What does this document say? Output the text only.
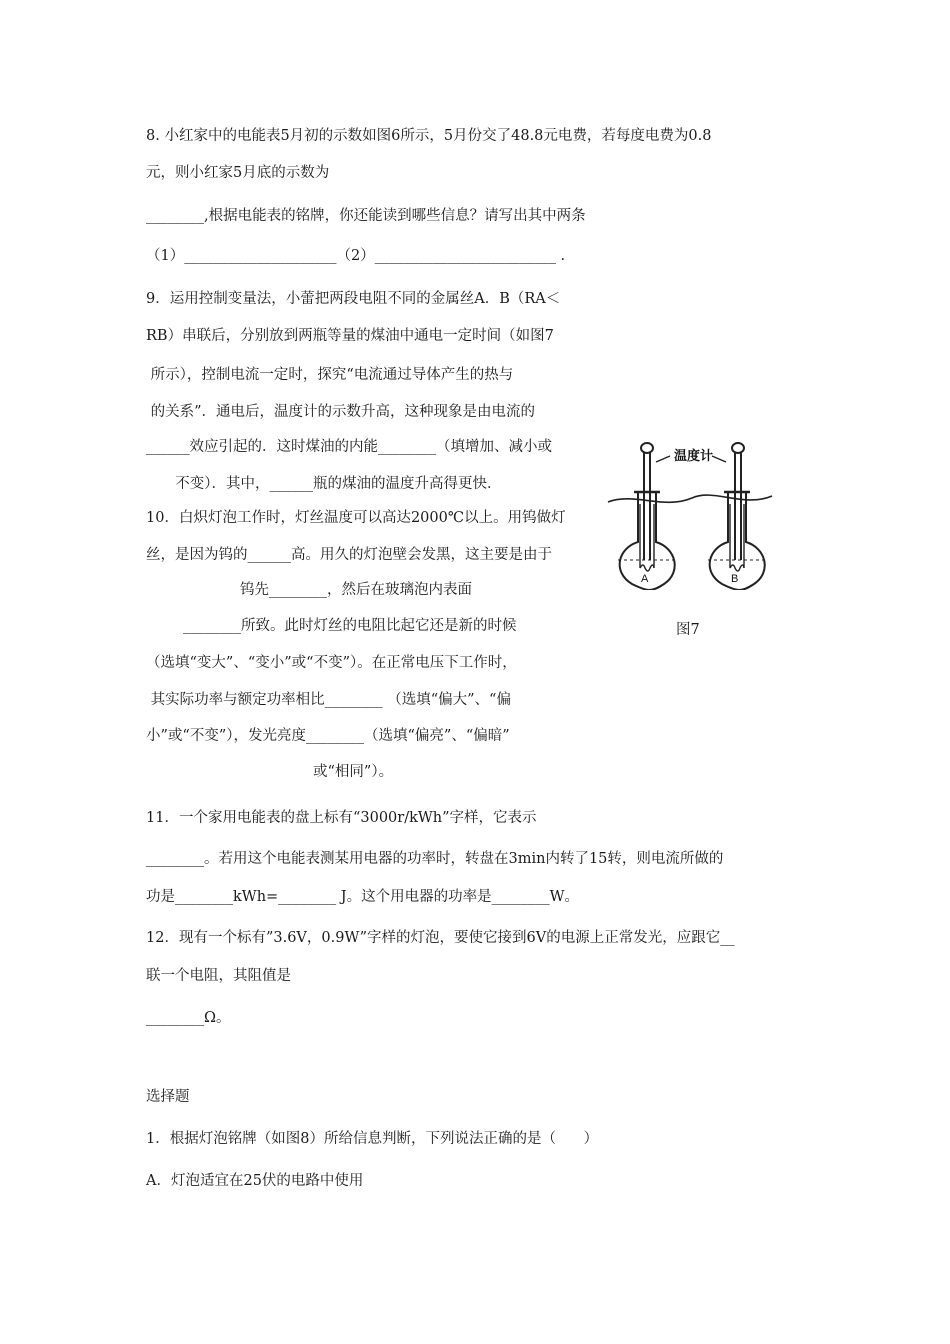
8. 小红家中的电能表5月初的示数如图6所示，5月份交了48.8元电费，若每度电费为0.8
元，则小红家5月底的示数为
________,根据电能表的铭牌，你还能读到哪些信息？请写出其中两条
（1）_____________________（2）_________________________ .
9．运用控制变量法，小蕾把两段电阻不同的金属丝A．B（RA＜
RB）串联后，分别放到两瓶等量的煤油中通电一定时间（如图7
所示），控制电流一定时，探究“电流通过导体产生的热与
的关系”．通电后，温度计的示数升高，这种现象是由电流的
______效应引起的．这时煤油的内能________（填增加、减小或
不变）．其中，______瓶的煤油的温度升高得更快．
10．白炽灯泡工作时，灯丝温度可以高达2000℃以上。用钨做灯
丝，是因为钨的______高。用久的灯泡壁会发黑，这主要是由于
钨先________，然后在玻璃泡内表面
________所致。此时灯丝的电阻比起它还是新的时候
（选填“变大”、“变小”或“不变”）。在正常电压下工作时，
其实际功率与额定功率相比________ （选填“偏大”、“偏
小”或“不变”），发光亮度________（选填“偏亮”、“偏暗”
或“相同”）。
11．一个家用电能表的盘上标有“3000r/kWh”字样，它表示
________。若用这个电能表测某用电器的功率时，转盘在3min内转了15转，则电流所做的
功是________kWh=________ J。这个用电器的功率是________W。
12．现有一个标有”3.6V，0.9W”字样的灯泡，要使它接到6V的电源上正常发光，应跟它__
联一个电阻，其阻值是
________Ω。
选择题
1．根据灯泡铭牌（如图8）所给信息判断，下列说法正确的是（      ）
A．灯泡适宜在25伏的电路中使用
温度计
A	B
图7
